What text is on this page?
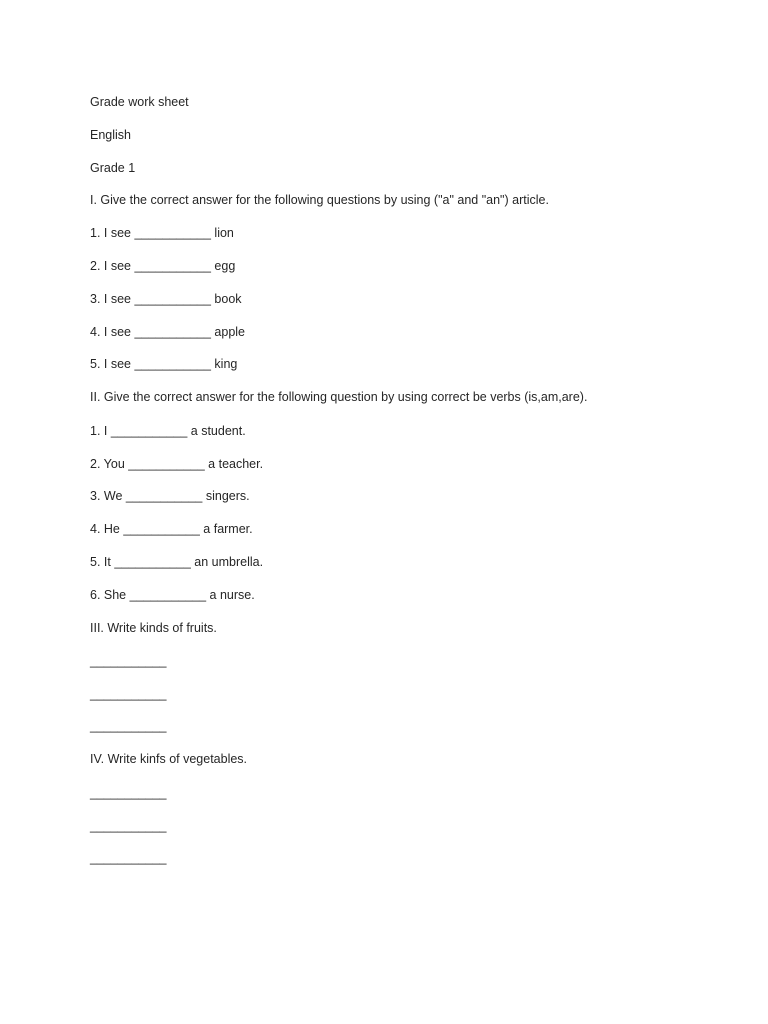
Grade work sheet

English

Grade 1

I. Give the correct answer for the following questions by using ("a" and "an") article.

1. I see ___________ lion

2. I see ___________ egg

3. I see ___________ book

4. I see ___________ apple

5. I see ___________ king

II. Give the correct answer for the following question by using correct be verbs (is,am,are).

1. I ___________ a student.

2. You ___________ a teacher.

3. We ___________ singers.

4. He ___________ a farmer.

5. It ___________ an umbrella.

6. She ___________ a nurse.

III. Write kinds of fruits.

___________

___________

___________

IV. Write kinfs of vegetables.

___________

___________

___________
